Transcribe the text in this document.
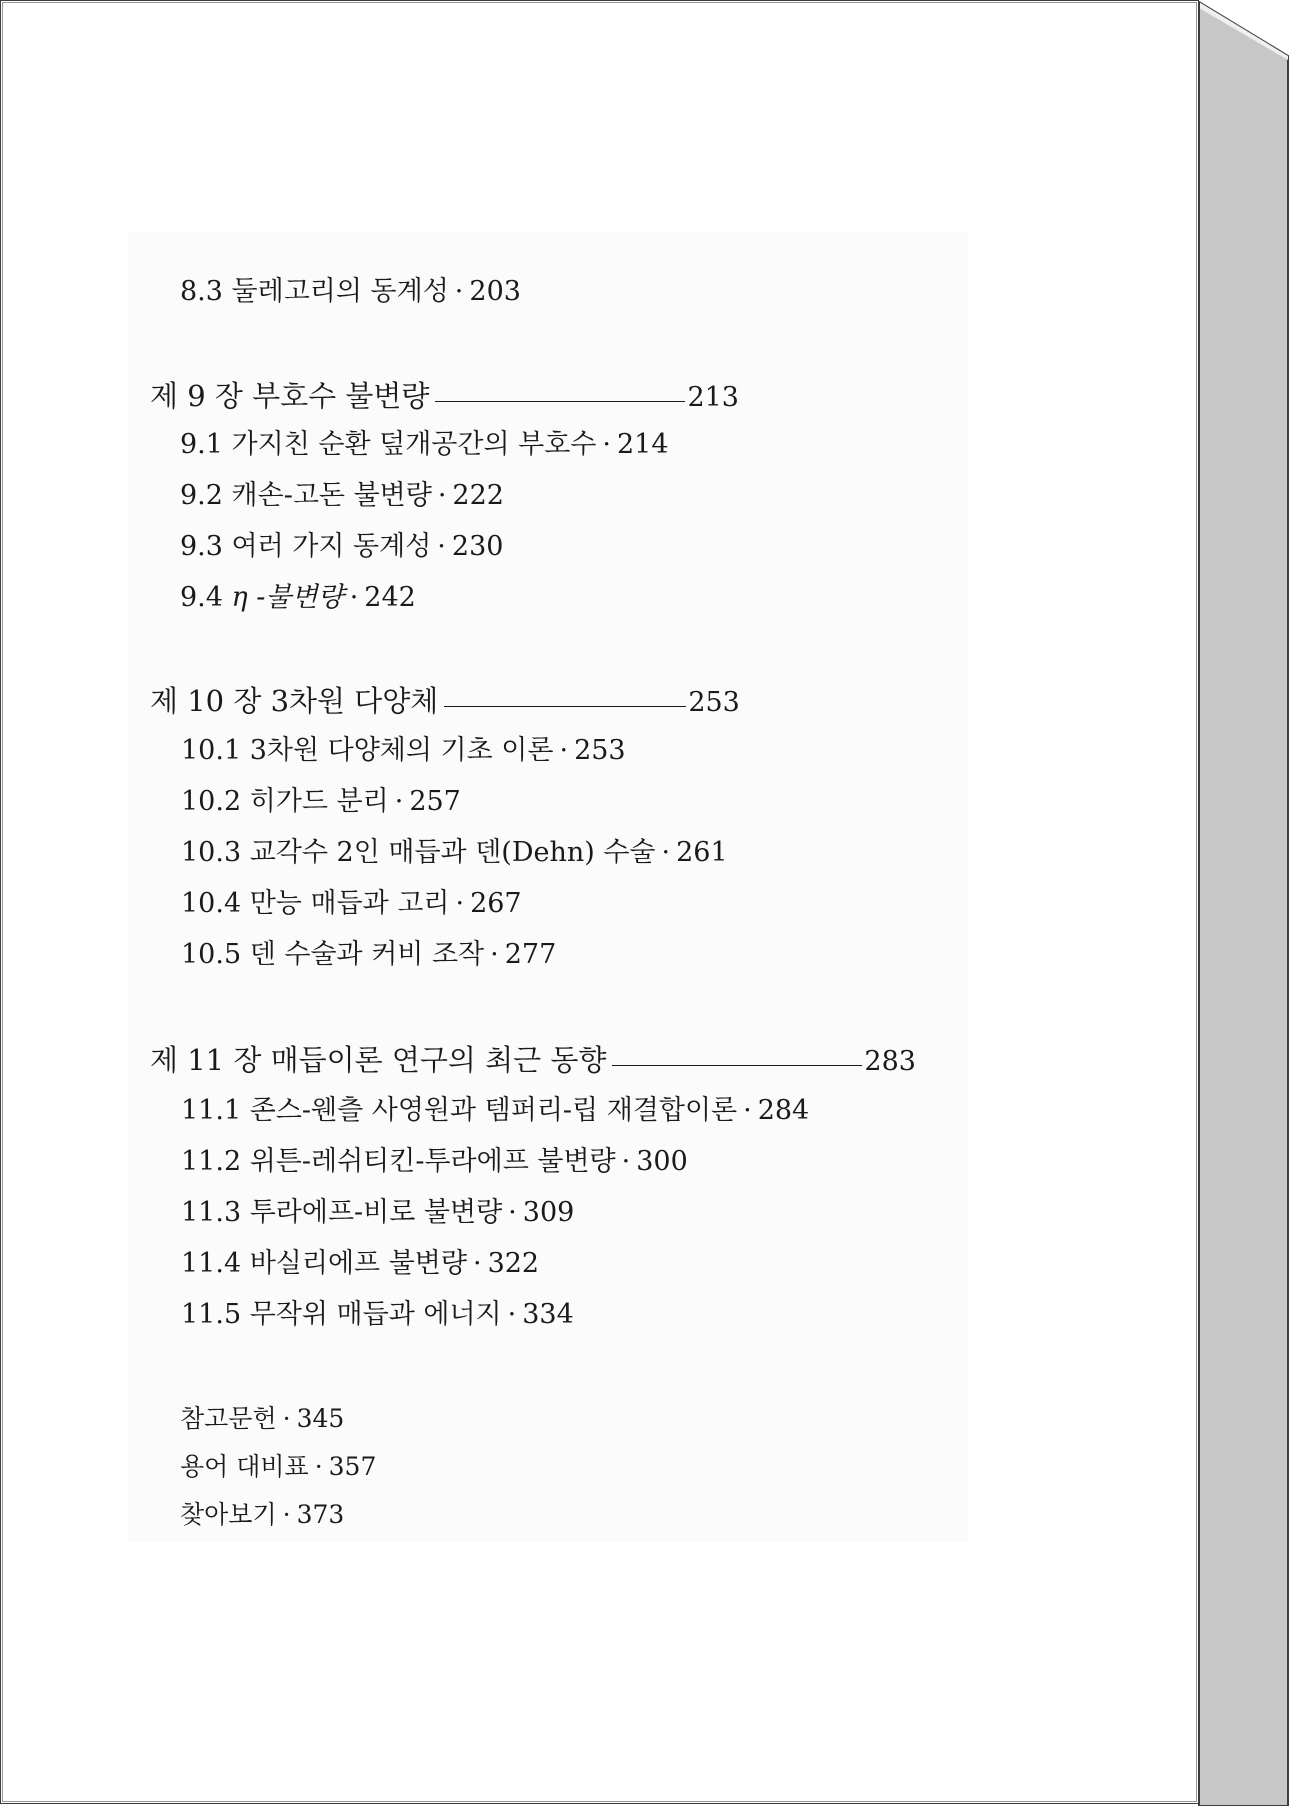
8.3 둘레고리의 동계성 · 203
제 9 장 부호수 불변량	213
9.1 가지친 순환 덮개공간의 부호수 · 214
9.2 캐손-고돈 불변량 · 222
9.3 여러 가지 동계성 · 230
9.4 η -불변량 · 242
제 10 장 3차원 다양체	253
10.1 3차원 다양체의 기초 이론 · 253
10.2 히가드 분리 · 257
10.3 교각수 2인 매듭과 덴(Dehn) 수술 · 261
10.4 만능 매듭과 고리 · 267
10.5 덴 수술과 커비 조작 · 277
제 11 장 매듭이론 연구의 최근 동향	283
11.1 존스-웬츨 사영원과 템퍼리-립 재결합이론 · 284
11.2 위튼-레쉬티킨-투라에프 불변량 · 300
11.3 투라에프-비로 불변량 · 309
11.4 바실리에프 불변량 · 322
11.5 무작위 매듭과 에너지 · 334
참고문헌 · 345
용어 대비표 · 357
찾아보기 · 373
